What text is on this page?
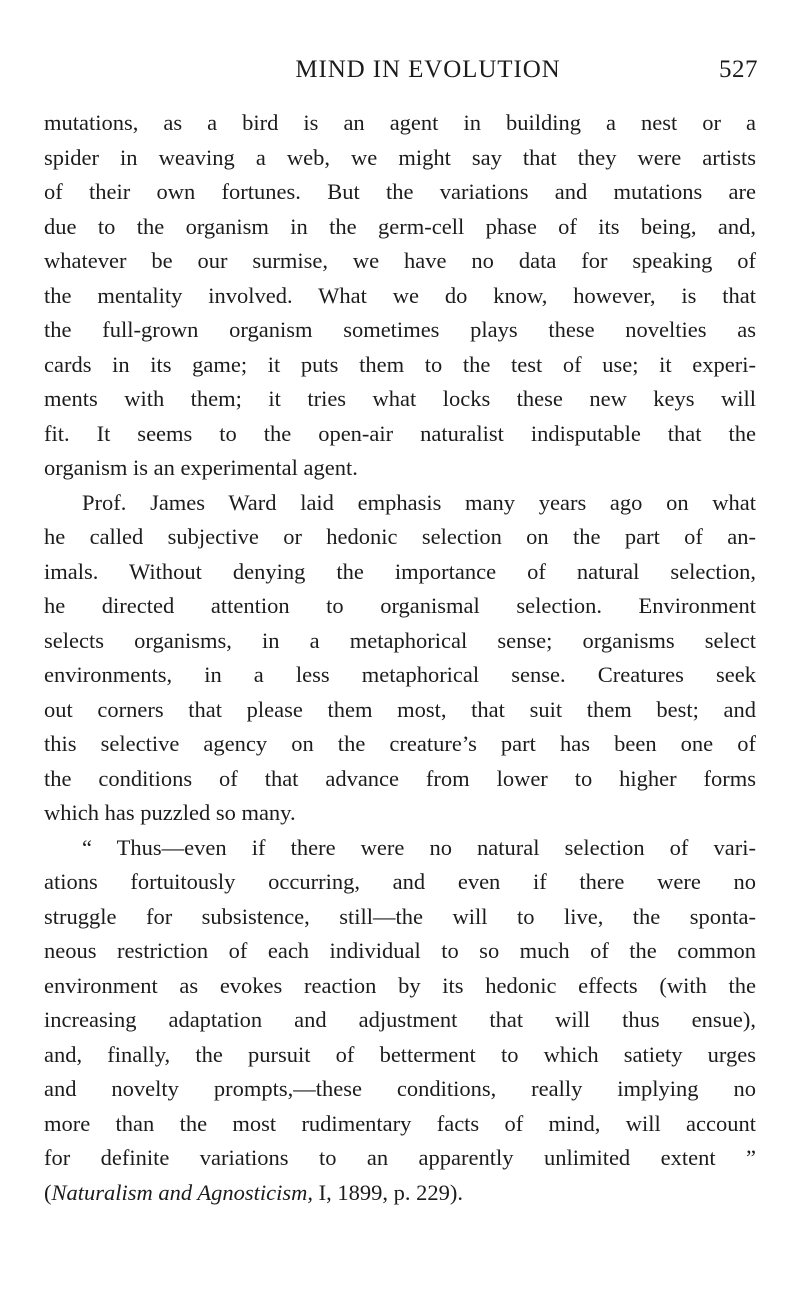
MIND IN EVOLUTION	527
mutations, as a bird is an agent in building a nest or a
spider in weaving a web, we might say that they were artists
of their own fortunes. But the variations and mutations are
due to the organism in the germ-cell phase of its being, and,
whatever be our surmise, we have no data for speaking of
the mentality involved. What we do know, however, is that
the full-grown organism sometimes plays these novelties as
cards in its game; it puts them to the test of use; it experi-
ments with them; it tries what locks these new keys will
fit. It seems to the open-air naturalist indisputable that the
organism is an experimental agent.
Prof. James Ward laid emphasis many years ago on what
he called subjective or hedonic selection on the part of an-
imals. Without denying the importance of natural selection,
he directed attention to organismal selection. Environment
selects organisms, in a metaphorical sense; organisms select
environments, in a less metaphorical sense. Creatures seek
out corners that please them most, that suit them best; and
this selective agency on the creature’s part has been one of
the conditions of that advance from lower to higher forms
which has puzzled so many.
“ Thus—even if there were no natural selection of vari-
ations fortuitously occurring, and even if there were no
struggle for subsistence, still—the will to live, the sponta-
neous restriction of each individual to so much of the common
environment as evokes reaction by its hedonic effects (with the
increasing adaptation and adjustment that will thus ensue),
and, finally, the pursuit of betterment to which satiety urges
and novelty prompts,—these conditions, really implying no
more than the most rudimentary facts of mind, will account
for definite variations to an apparently unlimited extent ”
(Naturalism and Agnosticism, I, 1899, p. 229).
